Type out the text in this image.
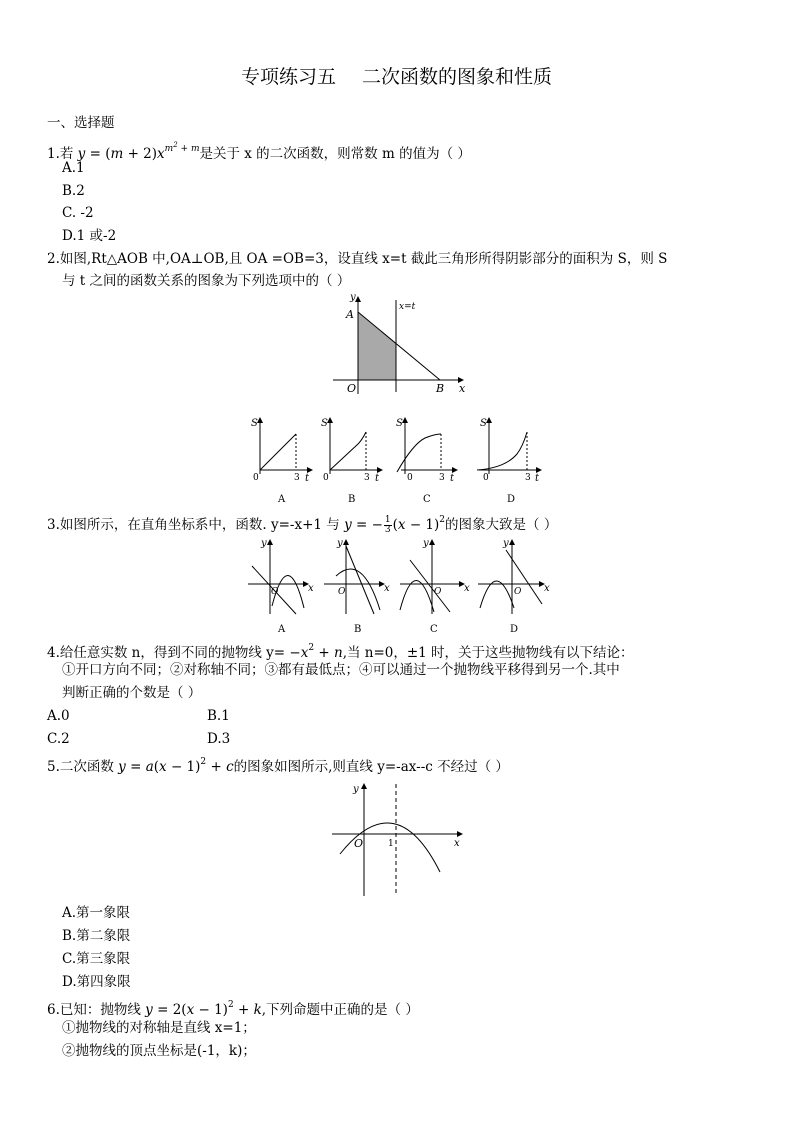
专项练习五 二次函数的图象和性质
一、选择题
1.若 $y = (m + 2)x^{m^2 + m}$是关于 x 的二次函数，则常数 m 的值为（ ）
A.1
B.2
C. -2
D.1 或-2
2.如图,Rt△AOB 中,OA⊥OB,且 OA =OB=3，设直线 x=t 截此三角形所得阴影部分的面积为 S，则 S
与 t 之间的函数关系的图象为下列选项中的（ ）
y
A
x=t
O	B x
S
0	3 t
A
S
0	3 t
B
S
0	3 t
C
S
0	3 t
D
3.如图所示，在直角坐标系中，函数. y=-x+1 与 y = − $\frac{1}{3} (x - 1)^2$的图象大致是（ ）
y
x
O
A
y
x
O
B
y
x
O
C
y
x
O
D
4.给任意实数 n，得到不同的抛物线 $y= -x^2 + n$,当 n=0，±1 时，关于这些抛物线有以下结论：
①开口方向不同；②对称轴不同；③都有最低点；④可以通过一个抛物线平移得到另一个.其中
判断正确的个数是（ ）
A.0	B.1
C.2	D.3
5.二次函数 $y = a(x - 1)^2 + c$的图象如图所示,则直线 y=-ax--c 不经过（ ）
y
x
O	1
A.第一象限
B.第二象限
C.第三象限
D.第四象限
6.已知：抛物线 $y = 2(x - 1)^2 + k$,下列命题中正确的是（ ）
①抛物线的对称轴是直线 x=1；
②抛物线的顶点坐标是(-1，k)；
